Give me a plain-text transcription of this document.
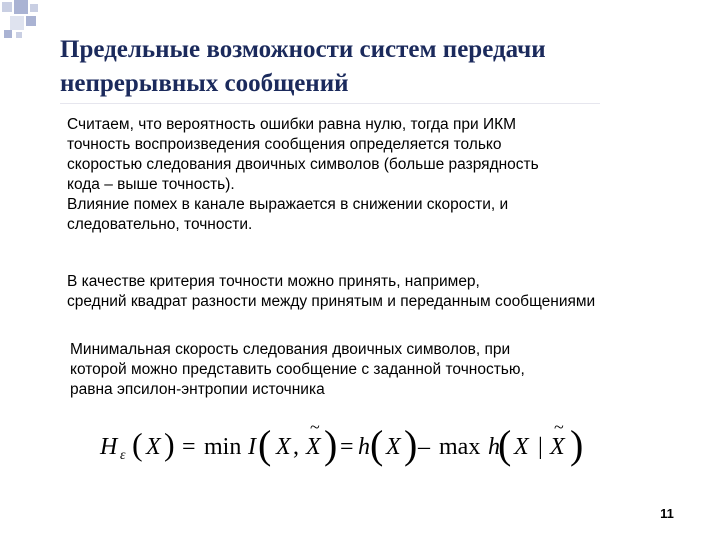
Предельные возможности систем передачи
непрерывных сообщений

Считаем, что вероятность ошибки равна нулю, тогда при ИКМ
точность воспроизведения сообщения определяется только
скоростью следования двоичных символов (больше разрядность
кода – выше точность).
Влияние помех в канале выражается в снижении скорости, и
следовательно, точности.

В качестве критерия точности можно принять, например,
средний квадрат разности между принятым и переданным сообщениями

Минимальная скорость следования двоичных символов, при
которой можно представить сообщение с заданной точностью,
равна эпсилон-энтропии источника

H ε ( X ) = min I ( X , X
~ ) = h ( X ) – max h
( X | X
~ )
11
